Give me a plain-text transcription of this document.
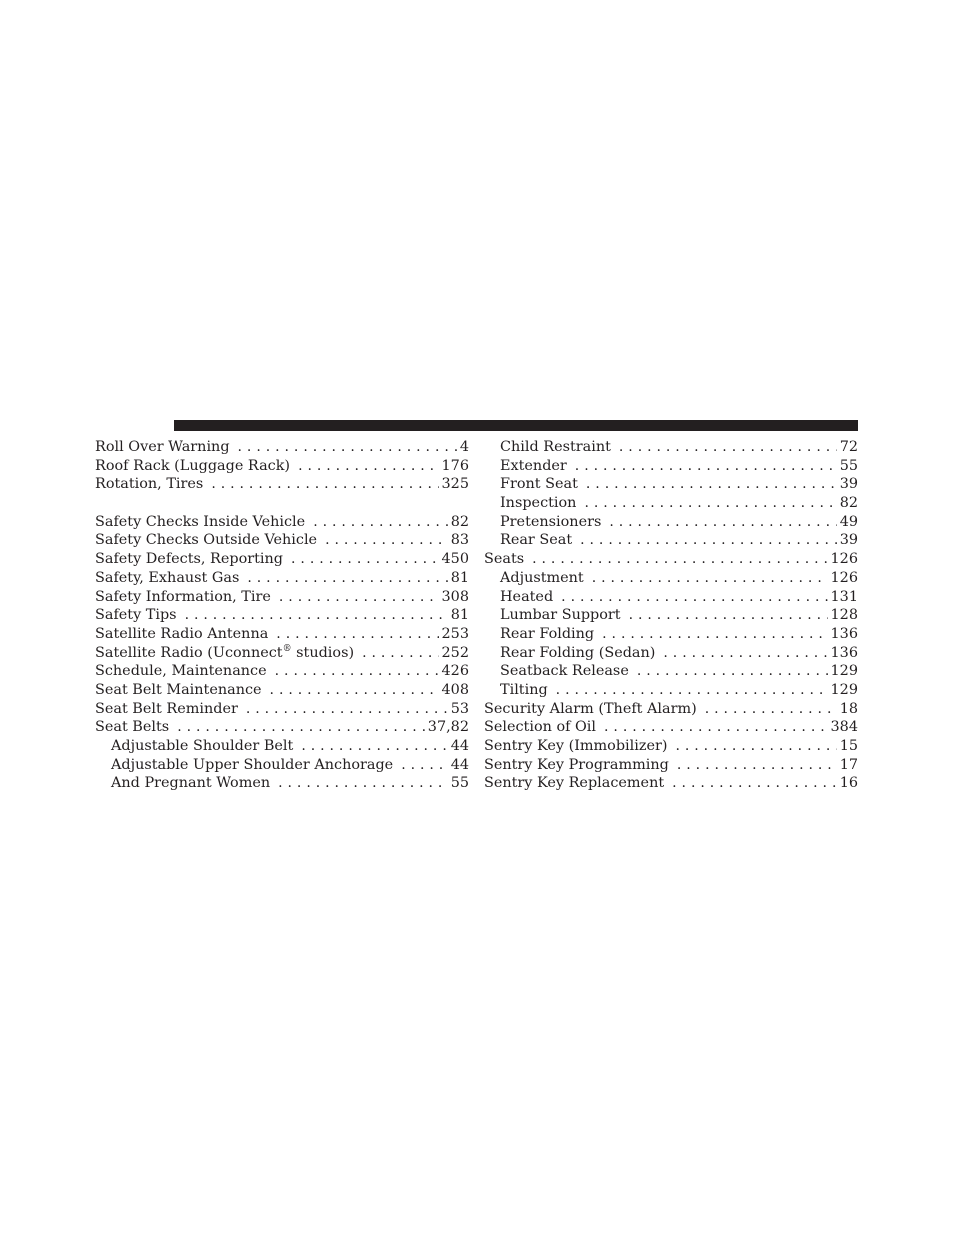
Roll Over Warning . . .	4
Roof Rack (Luggage Rack) . . .	176
Rotation, Tires . . .	325
Safety Checks Inside Vehicle . . .	82
Safety Checks Outside Vehicle . . .	83
Safety Defects, Reporting . . .	450
Safety, Exhaust Gas . . .	81
Safety Information, Tire . . .	308
Safety Tips . . .	81
Satellite Radio Antenna . . .	253
Satellite Radio (Uconnect® studios) . . .	252
Schedule, Maintenance . . .	426
Seat Belt Maintenance . . .	408
Seat Belt Reminder . . .	53
Seat Belts . . .	37,82
Adjustable Shoulder Belt . . .	44
Adjustable Upper Shoulder Anchorage . . .	44
And Pregnant Women . . .	55
Child Restraint . . .	72
Extender . . .	55
Front Seat . . .	39
Inspection . . .	82
Pretensioners . . .	49
Rear Seat . . .	39
Seats . . .	126
Adjustment . . .	126
Heated . . .	131
Lumbar Support . . .	128
Rear Folding . . .	136
Rear Folding (Sedan) . . .	136
Seatback Release . . .	129
Tilting . . .	129
Security Alarm (Theft Alarm) . . .	18
Selection of Oil . . .	384
Sentry Key (Immobilizer) . . .	15
Sentry Key Programming . . .	17
Sentry Key Replacement . . .	16
